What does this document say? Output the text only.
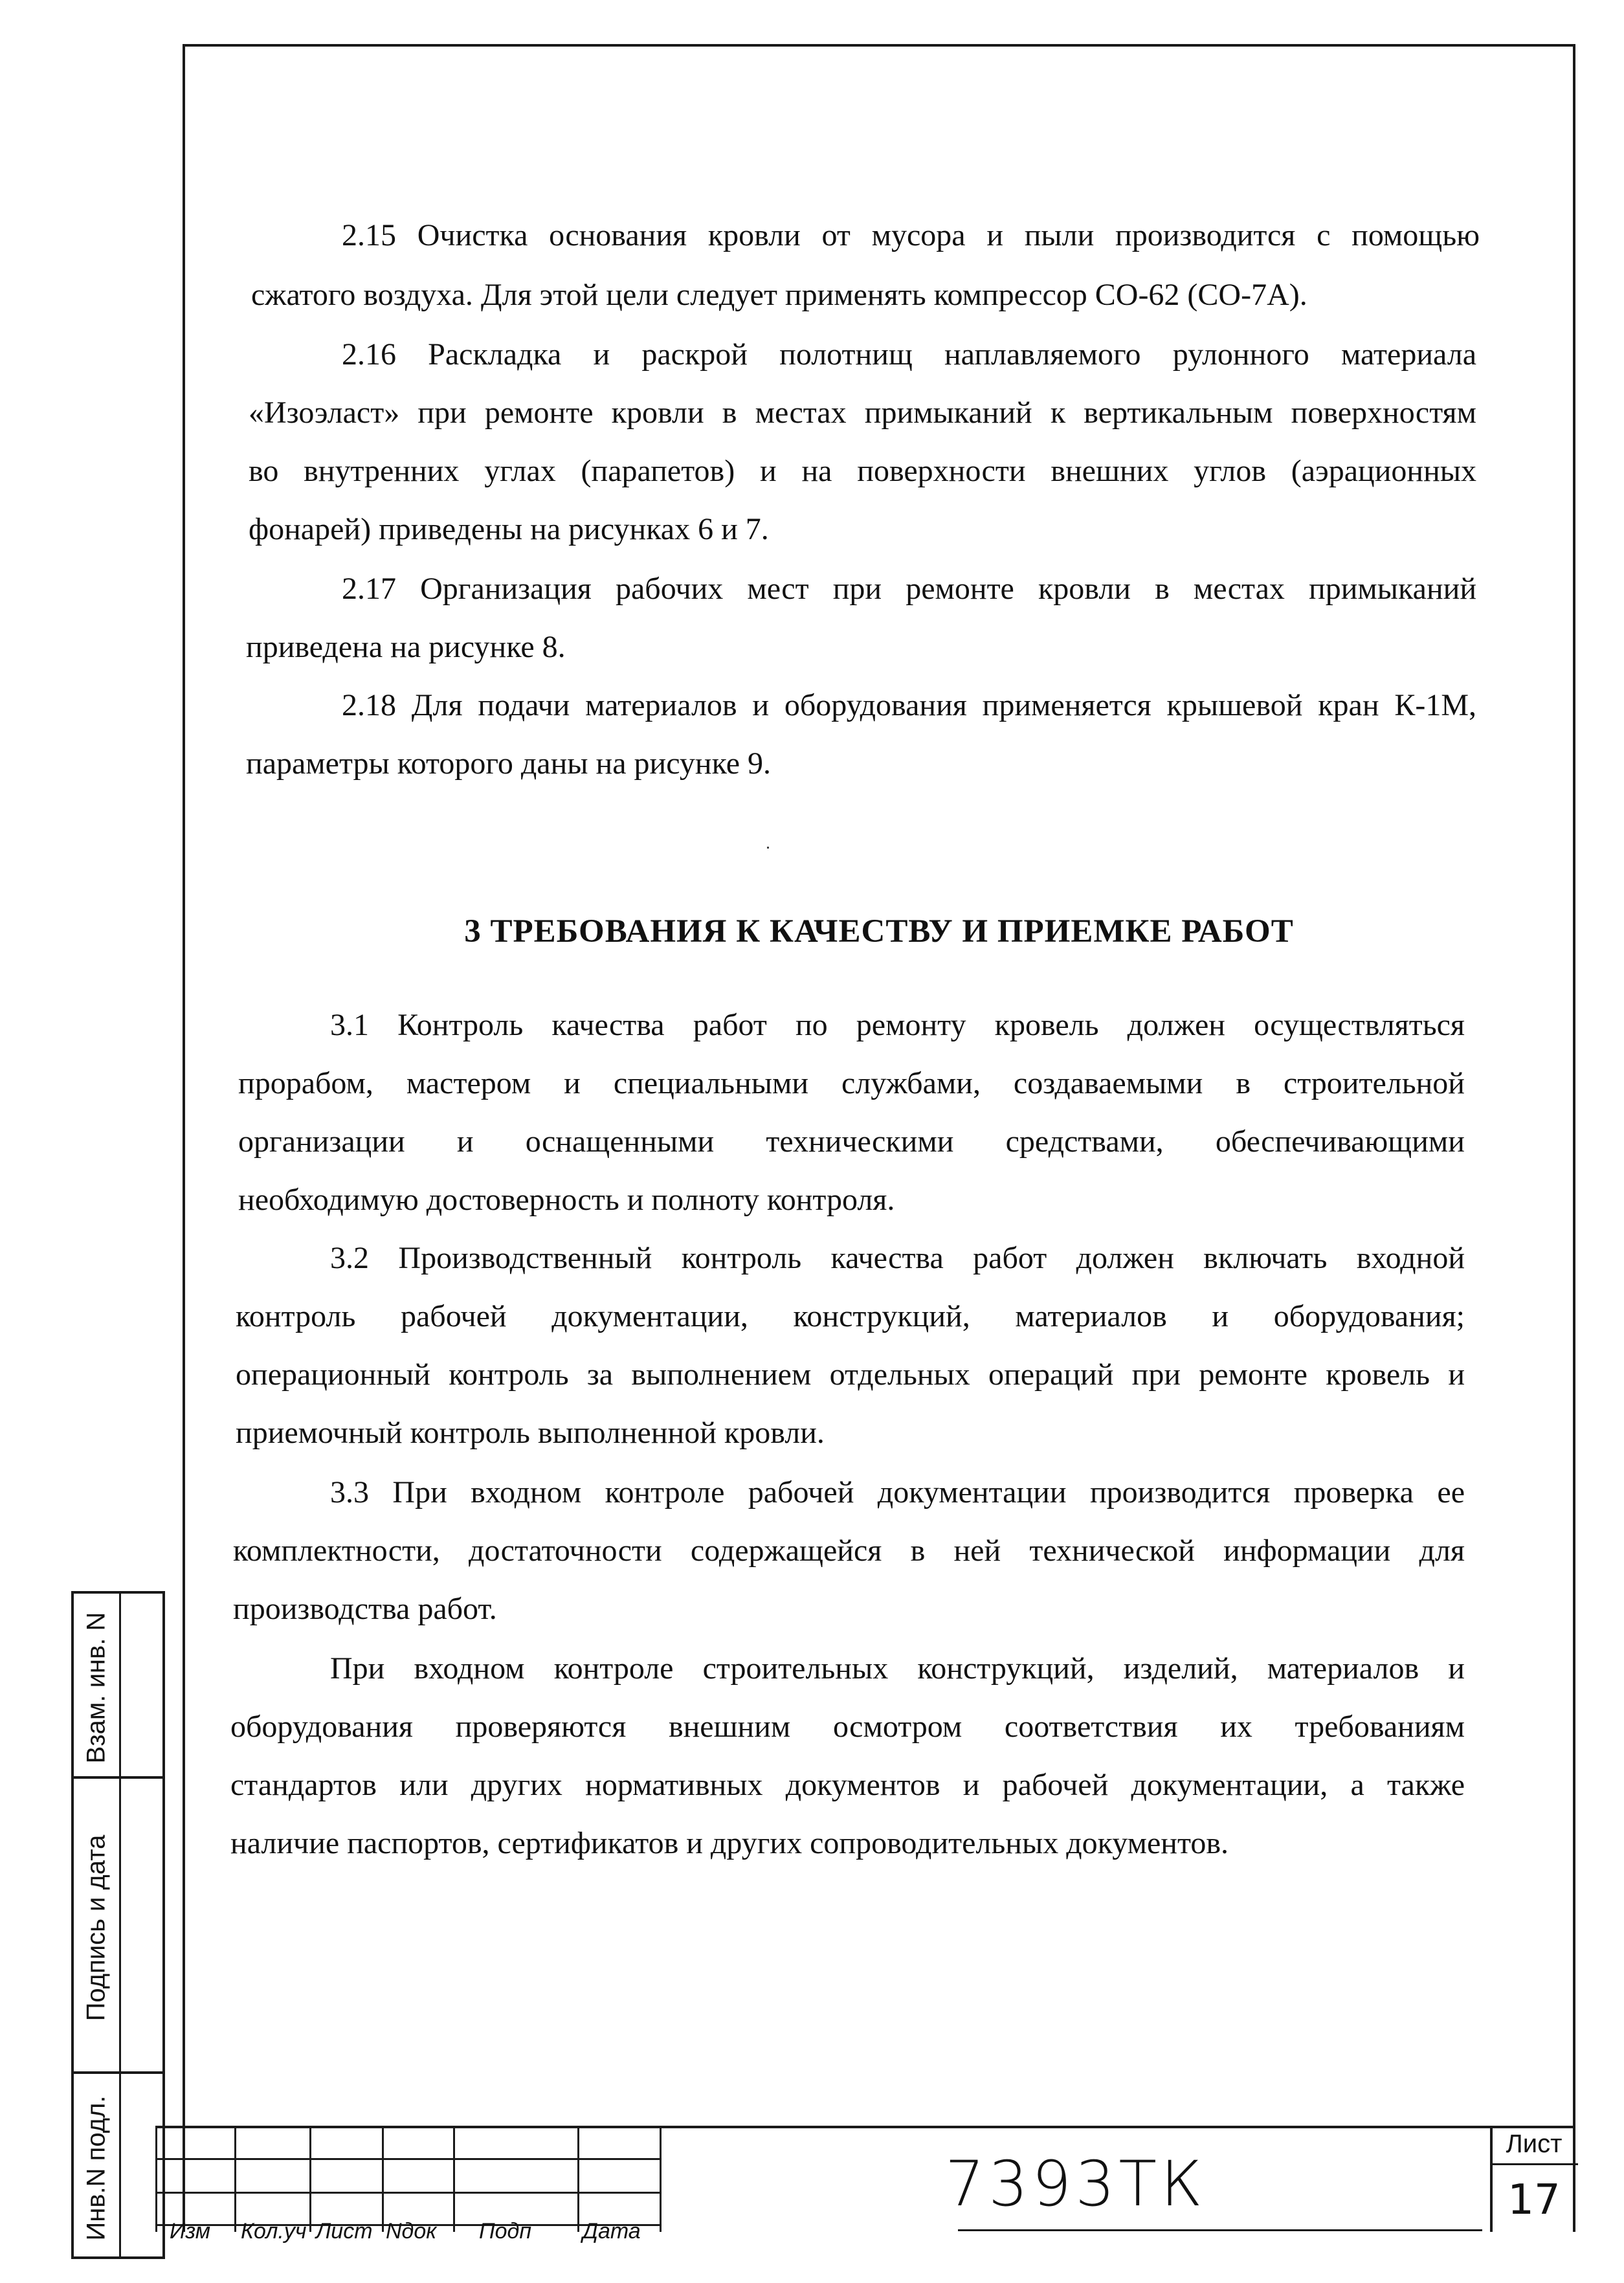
2.15 Очистка основания кровли от мусора и пыли производится с помощью
сжатого воздуха. Для этой цели следует применять компрессор СО-62 (СО-7А).
2.16 Раскладка и раскрой полотнищ наплавляемого рулонного материала
«Изоэласт» при ремонте кровли в местах примыканий к вертикальным поверхностям
во внутренних углах (парапетов) и на поверхности внешних углов (аэрационных
фонарей) приведены на рисунках 6 и 7.
2.17 Организация рабочих мест при ремонте кровли в местах примыканий
приведена на рисунке 8.
2.18 Для подачи материалов и оборудования применяется крышевой кран К-1М,
параметры которого даны на рисунке 9.
3 ТРЕБОВАНИЯ К КАЧЕСТВУ И ПРИЕМКЕ РАБОТ
3.1 Контроль качества работ по ремонту кровель должен осуществляться
прорабом, мастером и специальными службами, создаваемыми в строительной
организации и оснащенными техническими средствами, обеспечивающими
необходимую достоверность и полноту контроля.
3.2 Производственный контроль качества работ должен включать входной
контроль рабочей документации, конструкций, материалов и оборудования;
операционный контроль за выполнением отдельных операций при ремонте кровель и
приемочный контроль выполненной кровли.
3.3 При входном контроле рабочей документации производится проверка ее
комплектности, достаточности содержащейся в ней технической информации для
производства работ.
При входном контроле строительных конструкций, изделий, материалов и
оборудования проверяются внешним осмотром соответствия их требованиям
стандартов или других нормативных документов и рабочей документации, а также
наличие паспортов, сертификатов и других сопроводительных документов.
Взам. инв. N
Подпись и дата
Инв.N подл.	Изм Кол.уч Лист Nдок Подп Дата
7393ТК
Лист
17
